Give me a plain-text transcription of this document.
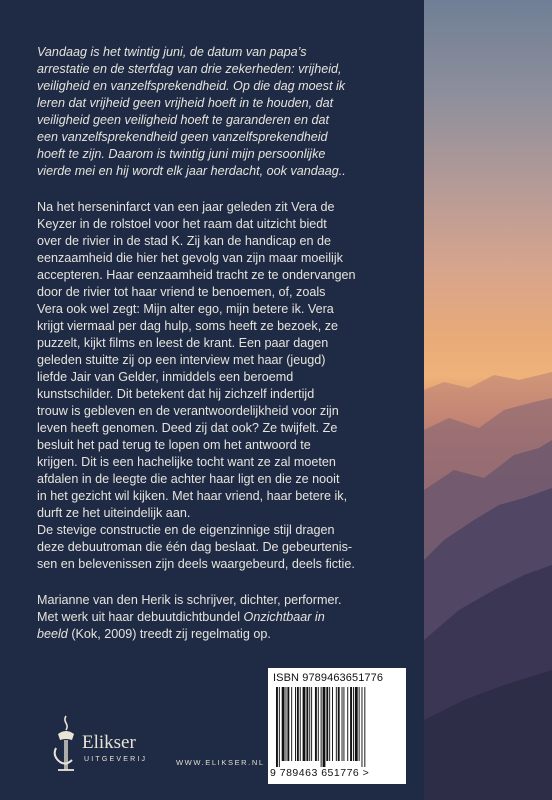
Vandaag is het twintig juni, de datum van papa’s
arrestatie en de sterfdag van drie zekerheden: vrijheid,
veiligheid en vanzelfsprekendheid. Op die dag moest ik
leren dat vrijheid geen vrijheid hoeft in te houden, dat
veiligheid geen veiligheid hoeft te garanderen en dat
een vanzelfsprekendheid geen vanzelfsprekendheid
hoeft te zijn. Daarom is twintig juni mijn persoonlijke
vierde mei en hij wordt elk jaar herdacht, ook vandaag..
Na het herseninfarct van een jaar geleden zit Vera de
Keyzer in de rolstoel voor het raam dat uitzicht biedt
over de rivier in de stad K. Zij kan de handicap en de
eenzaamheid die hier het gevolg van zijn maar moeilijk
accepteren. Haar eenzaamheid tracht ze te ondervangen
door de rivier tot haar vriend te benoemen, of, zoals
Vera ook wel zegt: Mijn alter ego, mijn betere ik. Vera
krijgt viermaal per dag hulp, soms heeft ze bezoek, ze
puzzelt, kijkt films en leest de krant. Een paar dagen
geleden stuitte zij op een interview met haar (jeugd)
liefde Jair van Gelder, inmiddels een beroemd
kunstschilder. Dit betekent dat hij zichzelf indertijd
trouw is gebleven en de verantwoordelijkheid voor zijn
leven heeft genomen. Deed zij dat ook? Ze twijfelt. Ze
besluit het pad terug te lopen om het antwoord te
krijgen. Dit is een hachelijke tocht want ze zal moeten
afdalen in de leegte die achter haar ligt en die ze nooit
in het gezicht wil kijken. Met haar vriend, haar betere ik,
durft ze het uiteindelijk aan.
De stevige constructie en de eigenzinnige stijl dragen
deze debuutroman die één dag beslaat. De gebeurtenis-
sen en belevenissen zijn deels waargebeurd, deels fictie.
Marianne van den Herik is schrijver, dichter, performer.
Met werk uit haar debuutdichtbundel Onzichtbaar in
beeld (Kok, 2009) treedt zij regelmatig op.
ISBN 9789463651776
9 789463 651776 >
Elikser
UITGEVERIJ	WWW.ELIKSER.NL
